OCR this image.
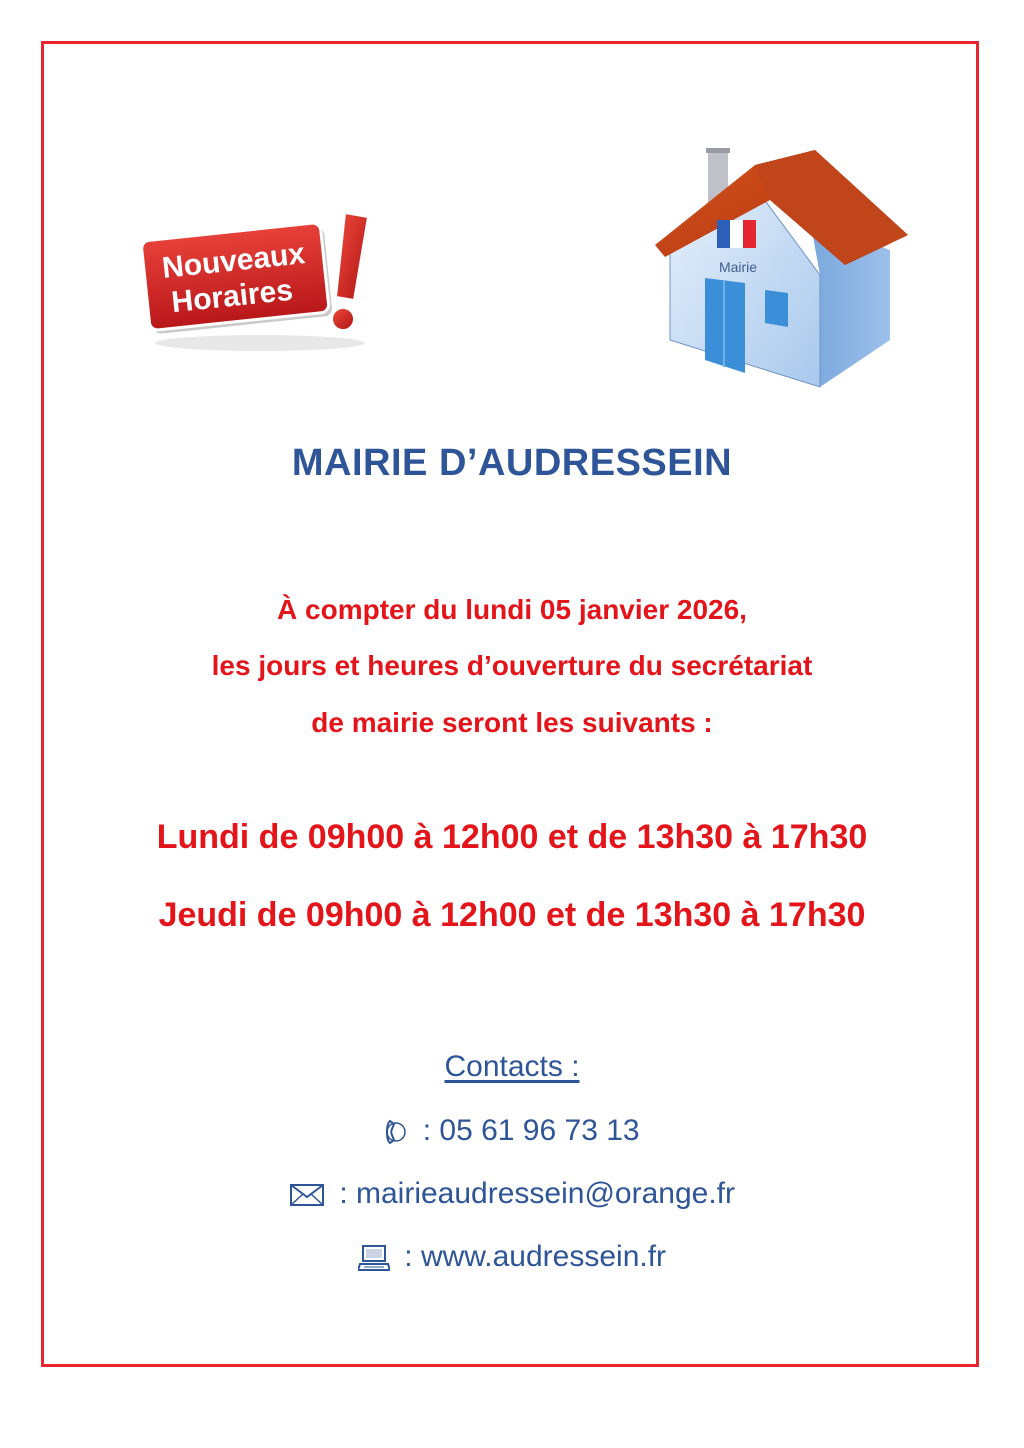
Nouveaux
Horaires
Mairie
MAIRIE D’AUDRESSEIN
À compter du lundi 05 janvier 2026,
les jours et heures d’ouverture du secrétariat
de mairie seront les suivants :
Lundi de 09h00 à 12h00 et de 13h30 à 17h30
Jeudi de 09h00 à 12h00 et de 13h30 à 17h30
Contacts :
: 05 61 96 73 13
: mairieaudressein@orange.fr
: www.audressein.fr
